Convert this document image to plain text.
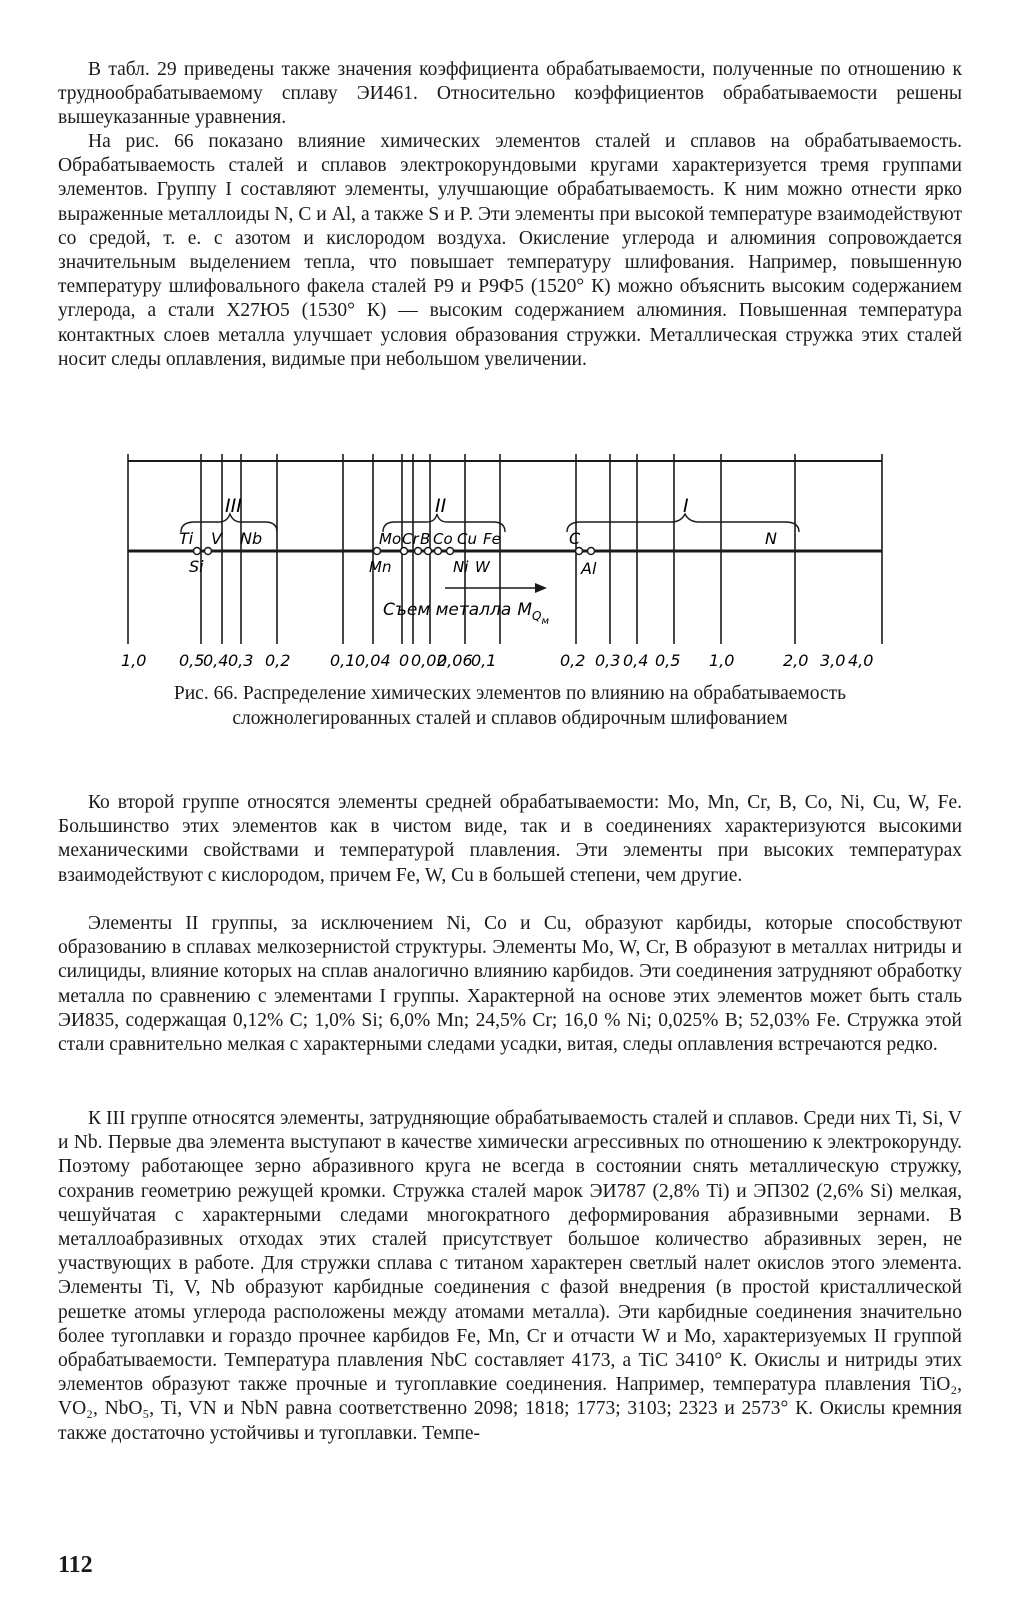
В табл. 29 приведены также значения коэффициента обрабатываемости, полученные по отношению к труднообрабатываемому сплаву ЭИ461. Относительно коэффициентов обрабатываемости решены вышеуказанные уравнения.

На рис. 66 показано влияние химических элементов сталей и сплавов на обрабатываемость. Обрабатываемость сталей и сплавов электрокорундовыми кругами характеризуется тремя группами элементов. Группу I составляют элементы, улучшающие обрабатываемость. К ним можно отнести ярко выраженные металлоиды N, C и Al, а также S и P. Эти элементы при высокой температуре взаимодействуют со средой, т. е. с азотом и кислородом воздуха. Окисление углерода и алюминия сопровождается значительным выделением тепла, что повышает температуру шлифования. Например, повышенную температуру шлифовального факела сталей Р9 и Р9Ф5 (1520° К) можно объяснить высоким содержанием углерода, а стали Х27Ю5 (1530° К) — высоким содержанием алюминия. Повышенная температура контактных слоев металла улучшает условия образования стружки. Металлическая стружка этих сталей носит следы оплавления, видимые при небольшом увеличении.

III
Ti V Nb
Si
II
Mo Cr B Co Cu Fe
Mn	Ni W
I
C	N
Al
Съем металла $M_{Qм}$
1,0 0,5
0,4 0,3 0,2 0,1 0,04 0 0,02
0,06
0,1	0,2 0,3 0,4 0,5 1,0	2,0 3,0 4,0
Рис. 66. Распределение химических элементов по влиянию на обрабатываемость сложнолегированных сталей и сплавов обдирочным шлифованием

Ко второй группе относятся элементы средней обрабатываемости: Mo, Mn, Cr, B, Co, Ni, Cu, W, Fe. Большинство этих элементов как в чистом виде, так и в соединениях характеризуются высокими механическими свойствами и температурой плавления. Эти элементы при высоких температурах взаимодействуют с кислородом, причем Fe, W, Cu в большей степени, чем другие.

Элементы II группы, за исключением Ni, Co и Cu, образуют карбиды, которые способствуют образованию в сплавах мелкозернистой структуры. Элементы Mo, W, Cr, B образуют в металлах нитриды и силициды, влияние которых на сплав аналогично влиянию карбидов. Эти соединения затрудняют обработку металла по сравнению с элементами I группы. Характерной на основе этих элементов может быть сталь ЭИ835, содержащая 0,12% C; 1,0% Si; 6,0% Mn; 24,5% Cr; 16,0 % Ni; 0,025% B; 52,03% Fe. Стружка этой стали сравнительно мелкая с характерными следами усадки, витая, следы оплавления встречаются редко.

К III группе относятся элементы, затрудняющие обрабатываемость сталей и сплавов. Среди них Ti, Si, V и Nb. Первые два элемента выступают в качестве химически агрессивных по отношению к электрокорунду. Поэтому работающее зерно абразивного круга не всегда в состоянии снять металлическую стружку, сохранив геометрию режущей кромки. Стружка сталей марок ЭИ787 (2,8% Ti) и ЭП302 (2,6% Si) мелкая, чешуйчатая с характерными следами многократного деформирования абразивными зернами. В металлоабразивных отходах этих сталей присутствует большое количество абразивных зерен, не участвующих в работе. Для стружки сплава с титаном характерен светлый налет окислов этого элемента. Элементы Ti, V, Nb образуют карбидные соединения с фазой внедрения (в простой кристаллической решетке атомы углерода расположены между атомами металла). Эти карбидные соединения значительно более тугоплавки и гораздо прочнее карбидов Fe, Mn, Cr и отчасти W и Mo, характеризуемых II группой обрабатываемости. Температура плавления NbC составляет 4173, а TiC 3410° К. Окислы и нитриды этих элементов образуют также прочные и тугоплавкие соединения. Например, температура плавления TiO₂, VO₂, NbO₅, Ti, VN и NbN равна соответственно 2098; 1818; 1773; 3103; 2323 и 2573° К. Окислы кремния также достаточно устойчивы и тугоплавки. Темпе-

112
